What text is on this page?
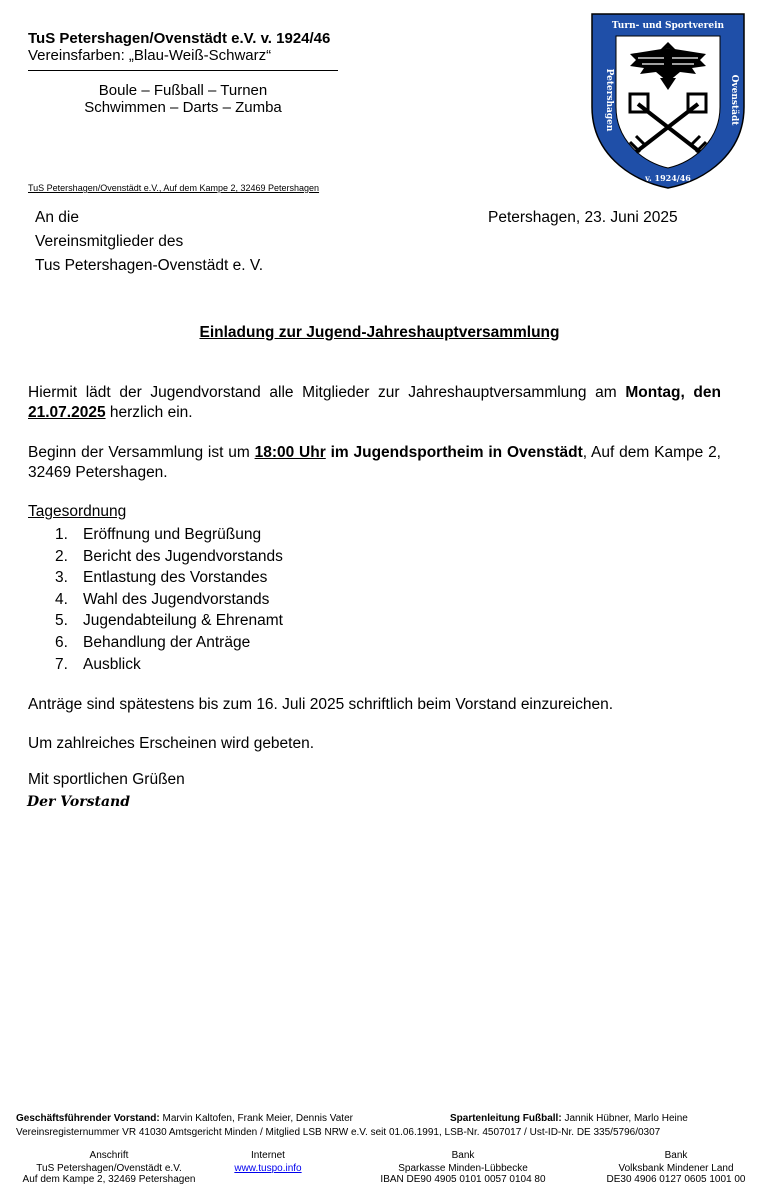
TuS Petershagen/Ovenstädt e.V. v. 1924/46
Vereinsfarben: „Blau-Weiß-Schwarz“
Boule – Fußball – Turnen
Schwimmen – Darts – Zumba
TuS Petershagen/Ovenstädt e.V., Auf dem Kampe 2, 32469 Petershagen
Turn- und Sportverein
Petershagen	Ovenstädt
v. 1924/46
An die
Vereinsmitglieder des
Tus Petershagen-Ovenstädt e. V.
Petershagen, 23. Juni 2025
Einladung zur Jugend-Jahreshauptversammlung
Hiermit lädt der Jugendvorstand alle Mitglieder zur Jahreshauptversammlung am Montag, den 21.07.2025 herzlich ein.
Beginn der Versammlung ist um 18:00 Uhr im Jugendsportheim in Ovenstädt, Auf dem Kampe 2, 32469 Petershagen.
Tagesordnung
1. Eröffnung und Begrüßung
2. Bericht des Jugendvorstands
3. Entlastung des Vorstandes
4. Wahl des Jugendvorstands
5. Jugendabteilung & Ehrenamt
6. Behandlung der Anträge
7. Ausblick
Anträge sind spätestens bis zum 16. Juli 2025 schriftlich beim Vorstand einzureichen.
Um zahlreiches Erscheinen wird gebeten.
Mit sportlichen Grüßen
Der Vorstand
Geschäftsführender Vorstand: Marvin Kaltofen, Frank Meier, Dennis Vater	Spartenleitung Fußball: Jannik Hübner, Marlo Heine
Vereinsregisternummer VR 41030 Amtsgericht Minden / Mitglied LSB NRW e.V. seit 01.06.1991, LSB-Nr. 4507017 / Ust-ID-Nr. DE 335/5796/0307
Anschrift
TuS Petershagen/Ovenstädt e.V.
Auf dem Kampe 2, 32469 Petershagen
Internet
www.tuspo.info
Bank
Sparkasse Minden-Lübbecke
IBAN DE90 4905 0101 0057 0104 80
Bank
Volksbank Mindener Land
DE30 4906 0127 0605 1001 00
